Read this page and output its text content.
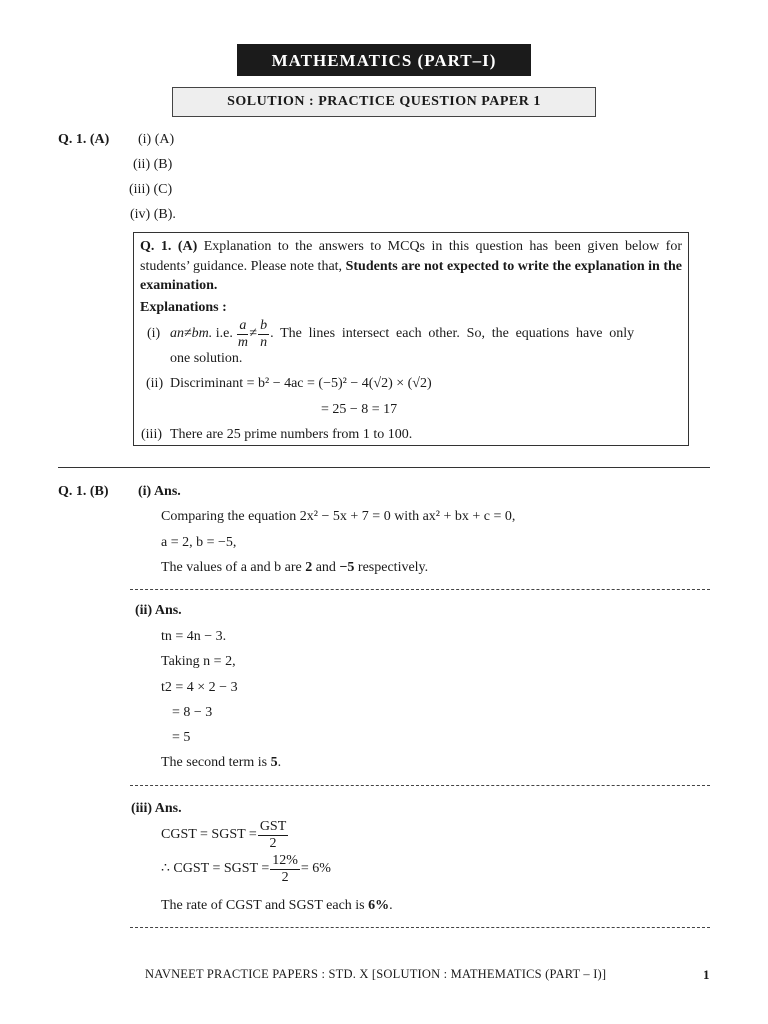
MATHEMATICS (PART–I)
SOLUTION : PRACTICE QUESTION PAPER 1
Q. 1. (A) (i) (A)
(ii) (B)
(iii) (C)
(iv) (B).
Q. 1. (A) Explanation to the answers to MCQs in this question has been given below for students’ guidance. Please note that, Students are not expected to write the explanation in the examination.
Explanations :
(i) an≠bm.
i.e.
$\frac{a}{m} \ne \frac{b}{n}$ . The lines intersect each other. So, the equations have only
one solution.
(ii) Discriminant = b² − 4ac = (−5)² − 4(√2) × (√2)
= 25 − 8 = 17
(iii) There are 25 prime numbers from 1 to 100.
Q. 1. (B) (i) Ans.
Comparing the equation 2x² − 5x + 7 = 0 with ax² + bx + c = 0,
a = 2, b = −5,
The values of a and b are 2 and −5 respectively.
(ii) Ans.
tn = 4n − 3.
Taking n = 2,
t2 = 4 × 2 − 3
= 8 − 3
= 5
The second term is 5.
(iii) Ans.
CGST = SGST = $\frac{\text{GST}}{2}$
∴
CGST = SGST = $\frac{12\%}{2} = 6\%$
The rate of CGST and SGST each is 6%.
NAVNEET PRACTICE PAPERS : STD. X [SOLUTION : MATHEMATICS (PART – I)]	1
